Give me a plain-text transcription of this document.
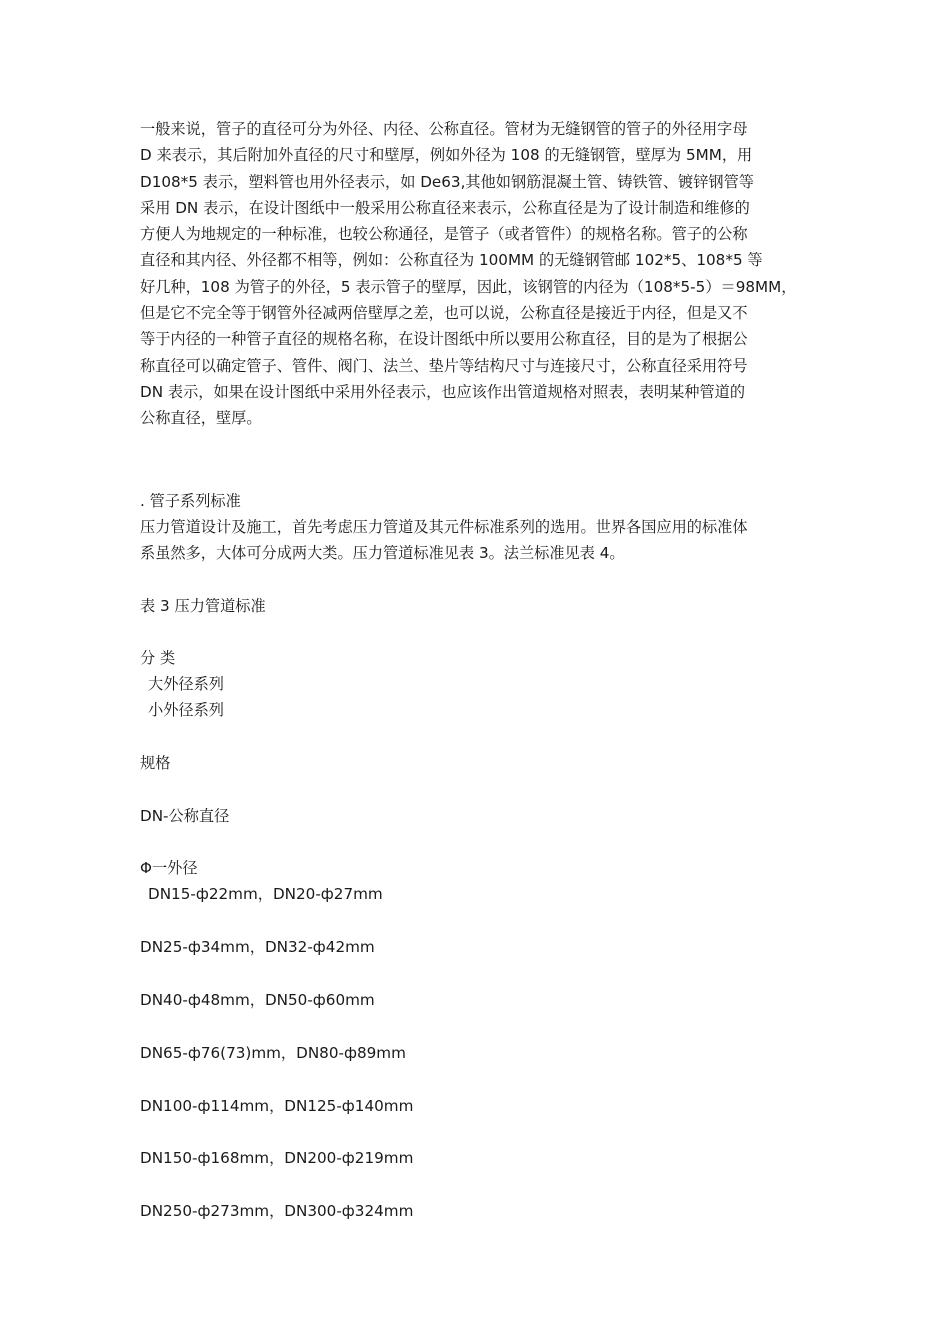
一般来说，管子的直径可分为外径、内径、公称直径。管材为无缝钢管的管子的外径用字母
D 来表示，其后附加外直径的尺寸和壁厚，例如外径为 108 的无缝钢管，壁厚为 5MM，用
D108*5 表示，塑料管也用外径表示，如 De63,其他如钢筋混凝土管、铸铁管、镀锌钢管等
采用 DN 表示，在设计图纸中一般采用公称直径来表示，公称直径是为了设计制造和维修的
方便人为地规定的一种标准，也较公称通径，是管子（或者管件）的规格名称。管子的公称
直径和其内径、外径都不相等，例如：公称直径为 100MM 的无缝钢管邮 102*5、108*5 等
好几种，108 为管子的外径，5 表示管子的壁厚，因此，该钢管的内径为（108*5-5）＝98MM，
但是它不完全等于钢管外径减两倍壁厚之差，也可以说，公称直径是接近于内径，但是又不
等于内径的一种管子直径的规格名称，在设计图纸中所以要用公称直径，目的是为了根据公
称直径可以确定管子、管件、阀门、法兰、垫片等结构尺寸与连接尺寸，公称直径采用符号
DN 表示，如果在设计图纸中采用外径表示，也应该作出管道规格对照表，表明某种管道的
公称直径，壁厚。

. 管子系列标准
压力管道设计及施工，首先考虑压力管道及其元件标准系列的选用。世界各国应用的标准体
系虽然多，大体可分成两大类。压力管道标准见表 3。法兰标准见表 4。
表 3 压力管道标准
分 类
大外径系列
小外径系列
规格
DN-公称直径
Φ一外径
DN15-ф22mm，DN20-ф27mm
DN25-ф34mm，DN32-ф42mm
DN40-ф48mm，DN50-ф60mm
DN65-ф76(73)mm，DN80-ф89mm
DN100-ф114mm，DN125-ф140mm
DN150-ф168mm，DN200-ф219mm
DN250-ф273mm，DN300-ф324mm
